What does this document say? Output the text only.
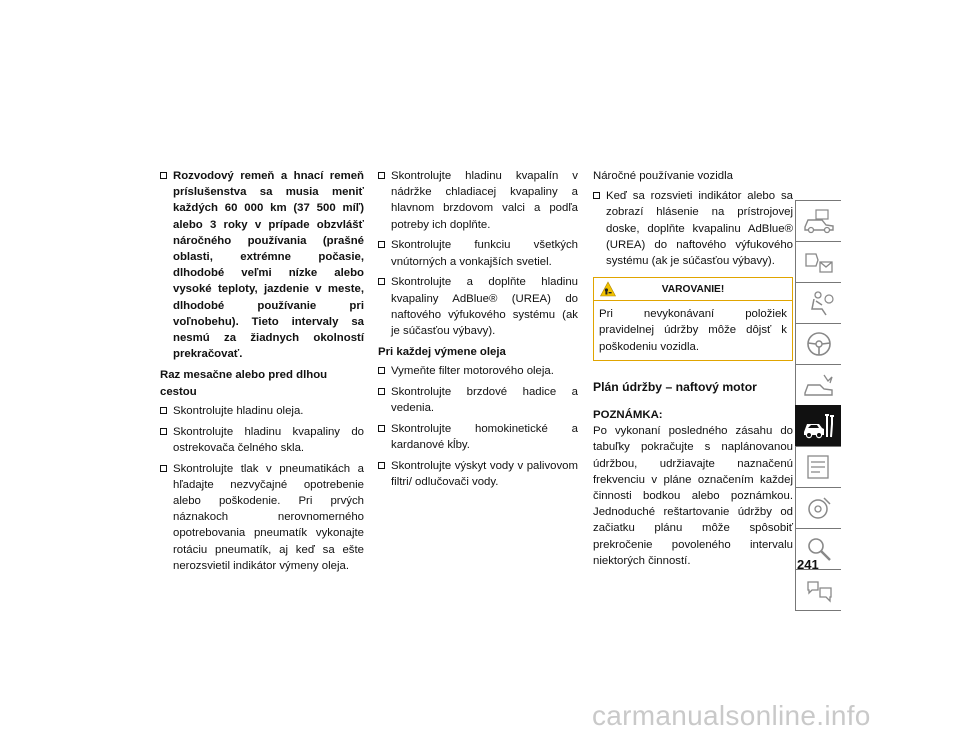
Rozvodový remeň a hnací remeň príslušenstva sa musia meniť každých 60 000 km (37 500 míľ) alebo 3 roky v prípade obzvlášť náročného používania (prašné oblasti, extrémne počasie, dlhodobé veľmi nízke alebo vysoké teploty, jazdenie v meste, dlhodobé používanie pri voľnobehu). Tieto intervaly sa nesmú za žiadnych okolností prekračovať.
Raz mesačne alebo pred dlhou cestou
Skontrolujte hladinu oleja.
Skontrolujte hladinu kvapaliny do ostrekovača čelného skla.
Skontrolujte tlak v pneumatikách a hľadajte nezvyčajné opotrebenie alebo poškodenie. Pri prvých náznakoch nerovnomerného opotrebovania pneumatík vykonajte rotáciu pneumatík, aj keď sa ešte nerozsvietil indikátor výmeny oleja.
Skontrolujte hladinu kvapalín v nádržke chladiacej kvapaliny a hlavnom brzdovom valci a podľa potreby ich doplňte.
Skontrolujte funkciu všetkých vnútorných a vonkajších svetiel.
Skontrolujte a doplňte hladinu kvapaliny AdBlue® (UREA) do naftového výfukového systému (ak je súčasťou výbavy).
Pri každej výmene oleja
Vymeňte filter motorového oleja.
Skontrolujte brzdové hadice a vedenia.
Skontrolujte homokinetické a kardanové kĺby.
Skontrolujte výskyt vody v palivovom filtri/ odlučovači vody.
Náročné používanie vozidla
Keď sa rozsvieti indikátor alebo sa zobrazí hlásenie na prístrojovej doske, doplňte kvapalinu AdBlue® (UREA) do naftového výfukového systému (ak je súčasťou výbavy).
VAROVANIE!
Pri nevykonávaní položiek pravidelnej údržby môže dôjsť k poškodeniu vozidla.
Plán údržby – naftový motor
POZNÁMKA:
Po vykonaní posledného zásahu do tabuľky pokračujte s naplánovanou údržbou, udržiavajte naznačenú frekvenciu v pláne označením každej činnosti bodkou alebo poznámkou. Jednoduché reštartovanie údržby od začiatku plánu môže spôsobiť prekročenie povoleného intervalu niektorých činností.	241
carmanualsonline.info
